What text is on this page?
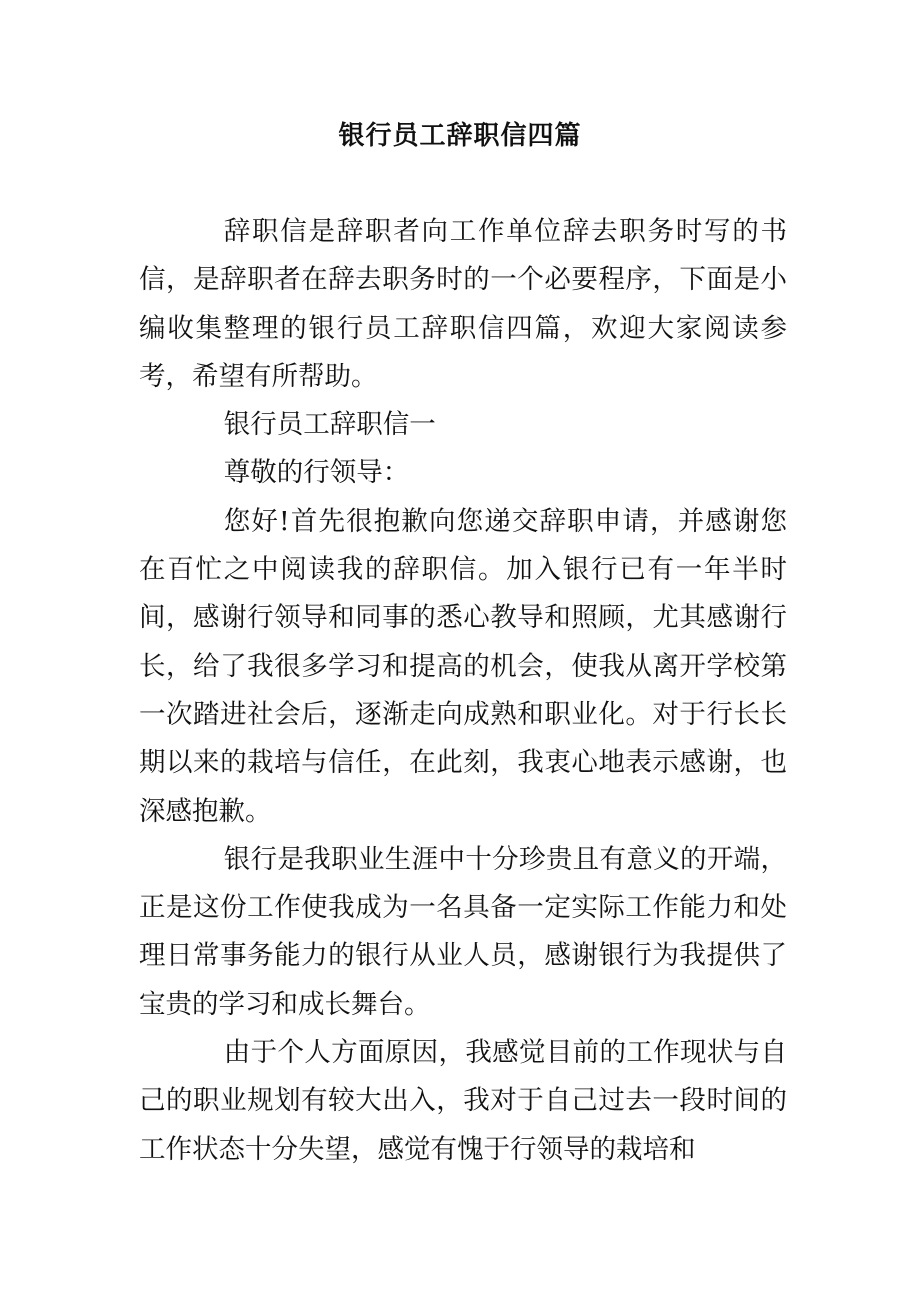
银行员工辞职信四篇

辞职信是辞职者向工作单位辞去职务时写的书信，是辞职者在辞去职务时的一个必要程序，下面是小编收集整理的银行员工辞职信四篇，欢迎大家阅读参考，希望有所帮助。

银行员工辞职信一

尊敬的行领导：

您好!首先很抱歉向您递交辞职申请，并感谢您在百忙之中阅读我的辞职信。加入银行已有一年半时间，感谢行领导和同事的悉心教导和照顾，尤其感谢行长，给了我很多学习和提高的机会，使我从离开学校第一次踏进社会后，逐渐走向成熟和职业化。对于行长长期以来的栽培与信任，在此刻，我衷心地表示感谢，也深感抱歉。

银行是我职业生涯中十分珍贵且有意义的开端，正是这份工作使我成为一名具备一定实际工作能力和处理日常事务能力的银行从业人员，感谢银行为我提供了宝贵的学习和成长舞台。

由于个人方面原因，我感觉目前的工作现状与自己的职业规划有较大出入，我对于自己过去一段时间的工作状态十分失望，感觉有愧于行领导的栽培和
